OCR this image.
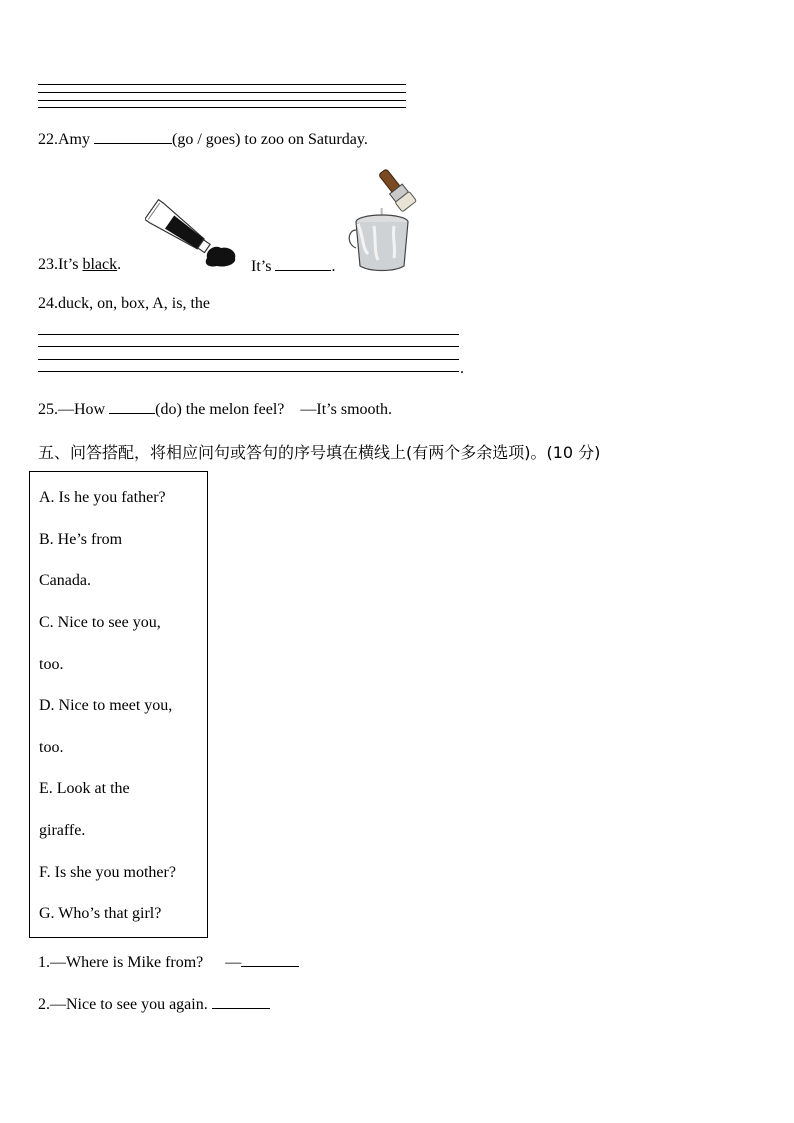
22.Amy	(go / goes) to zoo on Saturday.
23.It’s black.	It’s	.
24.duck, on, box, A, is, the
.
25.—How	(do) the melon feel? —It’s smooth.
五、问答搭配，将相应问句或答句的序号填在横线上(有两个多余选项)。(10 分)
A. Is he you father?
B. He’s from
Canada.
C. Nice to see you,
too.
D. Nice to meet you,
too.
E. Look at the
giraffe.
F. Is she you mother?
G. Who’s that girl?
1.—Where is Mike from? —
2.—Nice to see you again.
